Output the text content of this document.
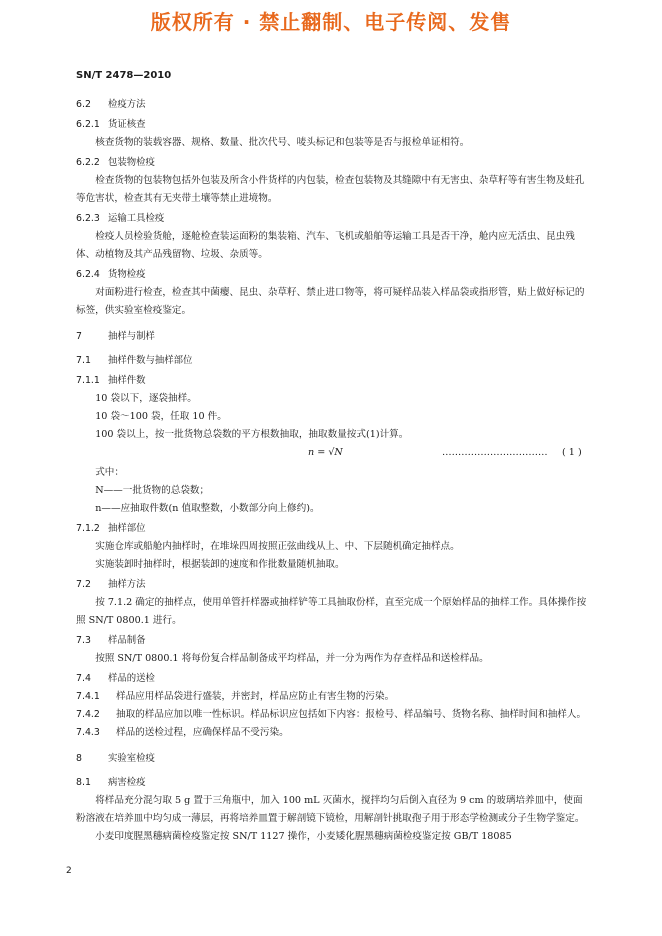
版权所有 · 禁止翻制、电子传阅、发售
SN/T 2478—2010

6.2 检疫方法

6.2.1 货证核查

核查货物的装载容器、规格、数量、批次代号、唛头标记和包装等是否与报检单证相符。

6.2.2 包装物检疫

检查货物的包装物包括外包装及所含小件货样的内包装，检查包装物及其缝隙中有无害虫、杂草籽等有害生物及蛀孔等危害状，检查其有无夹带土壤等禁止进境物。

6.2.3 运输工具检疫

检疫人员检验货舱，逐舱检查装运面粉的集装箱、汽车、飞机或船舶等运输工具是否干净，舱内应无活虫、昆虫残体、动植物及其产品残留物、垃圾、杂质等。

6.2.4 货物检疫

对面粉进行检查，检查其中菌瘿、昆虫、杂草籽、禁止进口物等，将可疑样品装入样品袋或指形管，贴上做好标记的标签，供实验室检疫鉴定。

7	抽样与制样

7.1 抽样件数与抽样部位

7.1.1 抽样件数

10 袋以下，逐袋抽样。

10 袋～100 袋，任取 10 件。

100 袋以上，按一批货物总袋数的平方根数抽取，抽取数量按式(1)计算。

n = √N	…………………………… ( 1 )

式中：

N——一批货物的总袋数；

n——应抽取件数(n 值取整数，小数部分向上修约)。

7.1.2 抽样部位

实施仓库或船舱内抽样时，在堆垛四周按照正弦曲线从上、中、下层随机确定抽样点。

实施装卸时抽样时，根据装卸的速度和作批数量随机抽取。

7.2 抽样方法

按 7.1.2 确定的抽样点，使用单管扦样器或抽样铲等工具抽取份样，直至完成一个原始样品的抽样工作。具体操作按照 SN/T 0800.1 进行。

7.3 样品制备

按照 SN/T 0800.1 将每份复合样品制备成平均样品，并一分为两作为存查样品和送检样品。

7.4 样品的送检

7.4.1 样品应用样品袋进行盛装，并密封，样品应防止有害生物的污染。

7.4.2 抽取的样品应加以唯一性标识。样品标识应包括如下内容：报检号、样品编号、货物名称、抽样时间和抽样人。

7.4.3 样品的送检过程，应确保样品不受污染。

8	实验室检疫

8.1 病害检疫

将样品充分混匀取 5 g 置于三角瓶中，加入 100 mL 灭菌水，搅拌均匀后倒入直径为 9 cm 的玻璃培养皿中，使面粉溶液在培养皿中均匀成一薄层，再将培养皿置于解剖镜下镜检，用解剖针挑取孢子用于形态学检测或分子生物学鉴定。

小麦印度腥黑穗病菌检疫鉴定按 SN/T 1127 操作，小麦矮化腥黑穗病菌检疫鉴定按 GB/T 18085

2
